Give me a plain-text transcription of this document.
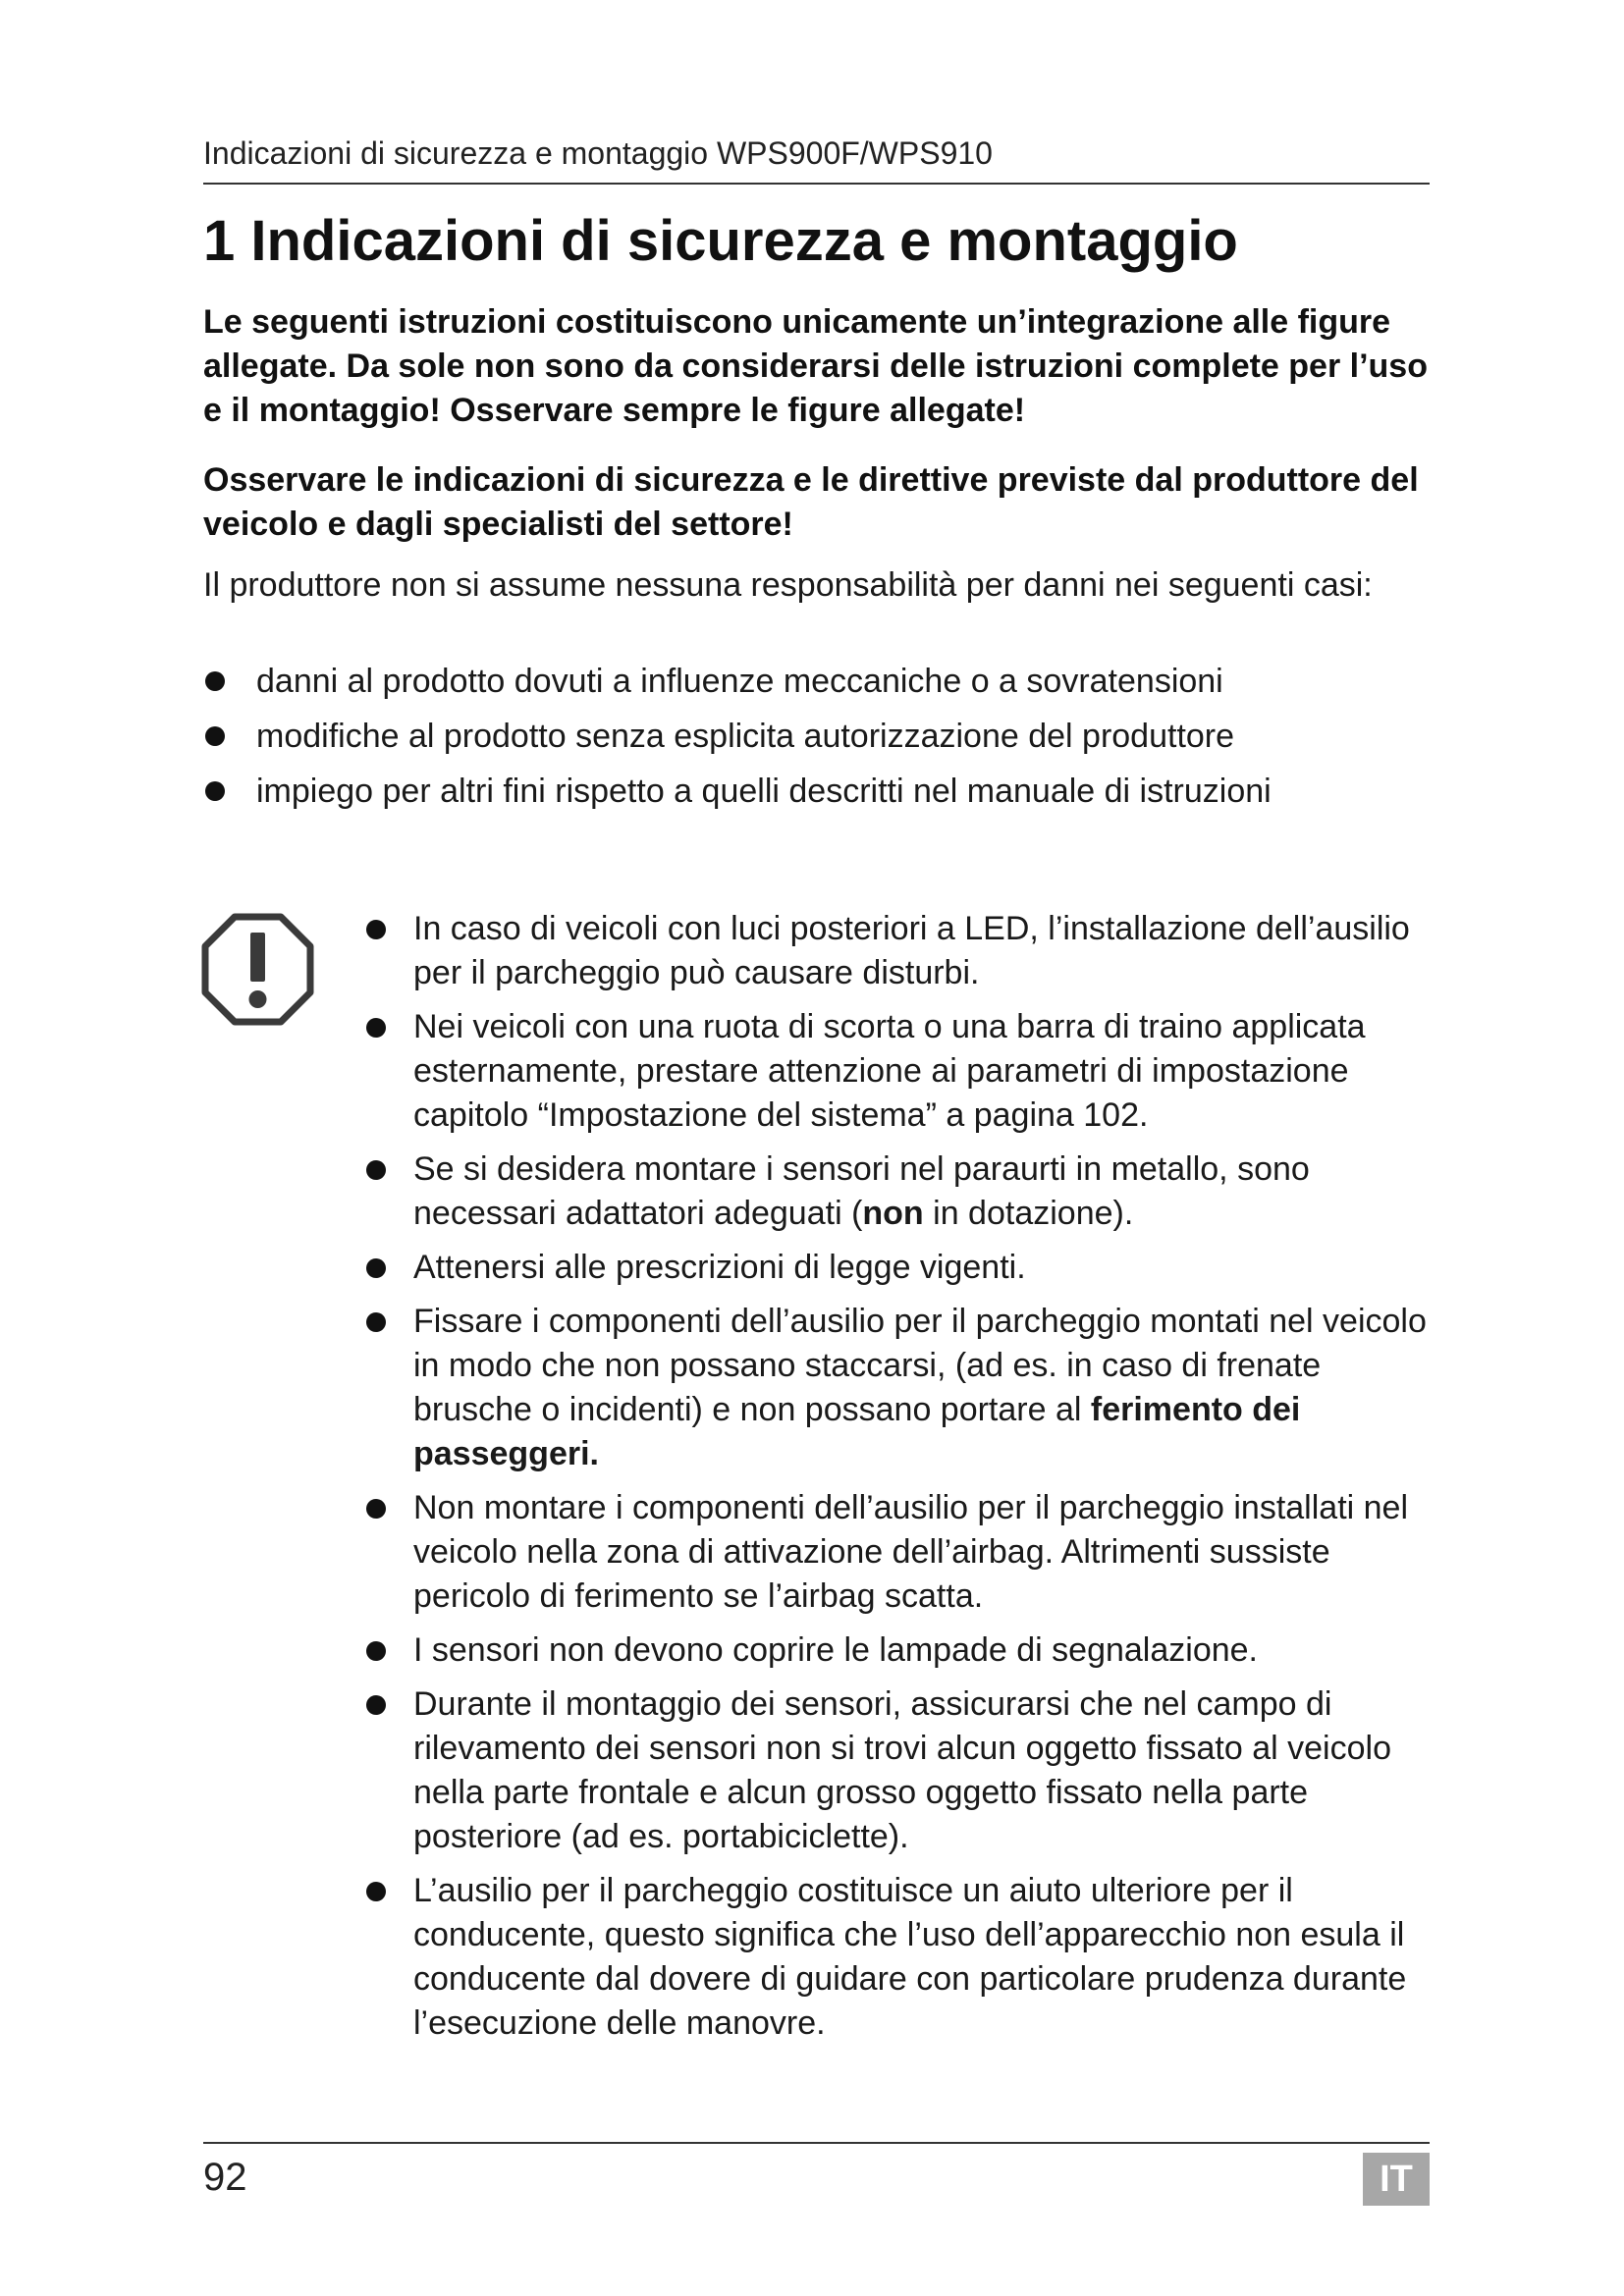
Indicazioni di sicurezza e montaggio WPS900F/WPS910
1 Indicazioni di sicurezza e montaggio

Le seguenti istruzioni costituiscono unicamente un’integrazione alle figure allegate. Da sole non sono da considerarsi delle istruzioni complete per l’uso e il montaggio! Osservare sempre le figure allegate!

Osservare le indicazioni di sicurezza e le direttive previste dal produttore del veicolo e dagli specialisti del settore!

Il produttore non si assume nessuna responsabilità per danni nei seguenti casi:

danni al prodotto dovuti a influenze meccaniche o a sovratensioni
modifiche al prodotto senza esplicita autorizzazione del produttore
impiego per altri fini rispetto a quelli descritti nel manuale di istruzioni
In caso di veicoli con luci posteriori a LED, l’installazione dell’ausilio per il parcheggio può causare disturbi.
Nei veicoli con una ruota di scorta o una barra di traino applicata esternamente, prestare attenzione ai parametri di impostazione capitolo “Impostazione del sistema” a pagina 102.
Se si desidera montare i sensori nel paraurti in metallo, sono necessari adattatori adeguati (non in dotazione).
Attenersi alle prescrizioni di legge vigenti.
Fissare i componenti dell’ausilio per il parcheggio montati nel veicolo in modo che non possano staccarsi, (ad es. in caso di frenate brusche o incidenti) e non possano portare al ferimento dei passeggeri.
Non montare i componenti dell’ausilio per il parcheggio installati nel veicolo nella zona di attivazione dell’airbag. Altrimenti sussiste pericolo di ferimento se l’airbag scatta.
I sensori non devono coprire le lampade di segnalazione.
Durante il montaggio dei sensori, assicurarsi che nel campo di rilevamento dei sensori non si trovi alcun oggetto fissato al veicolo nella parte frontale e alcun grosso oggetto fissato nella parte posteriore (ad es. portabiciclette).
L’ausilio per il parcheggio costituisce un aiuto ulteriore per il conducente, questo significa che l’uso dell’apparecchio non esula il conducente dal dovere di guidare con particolare prudenza durante l’esecuzione delle manovre.
92	IT
